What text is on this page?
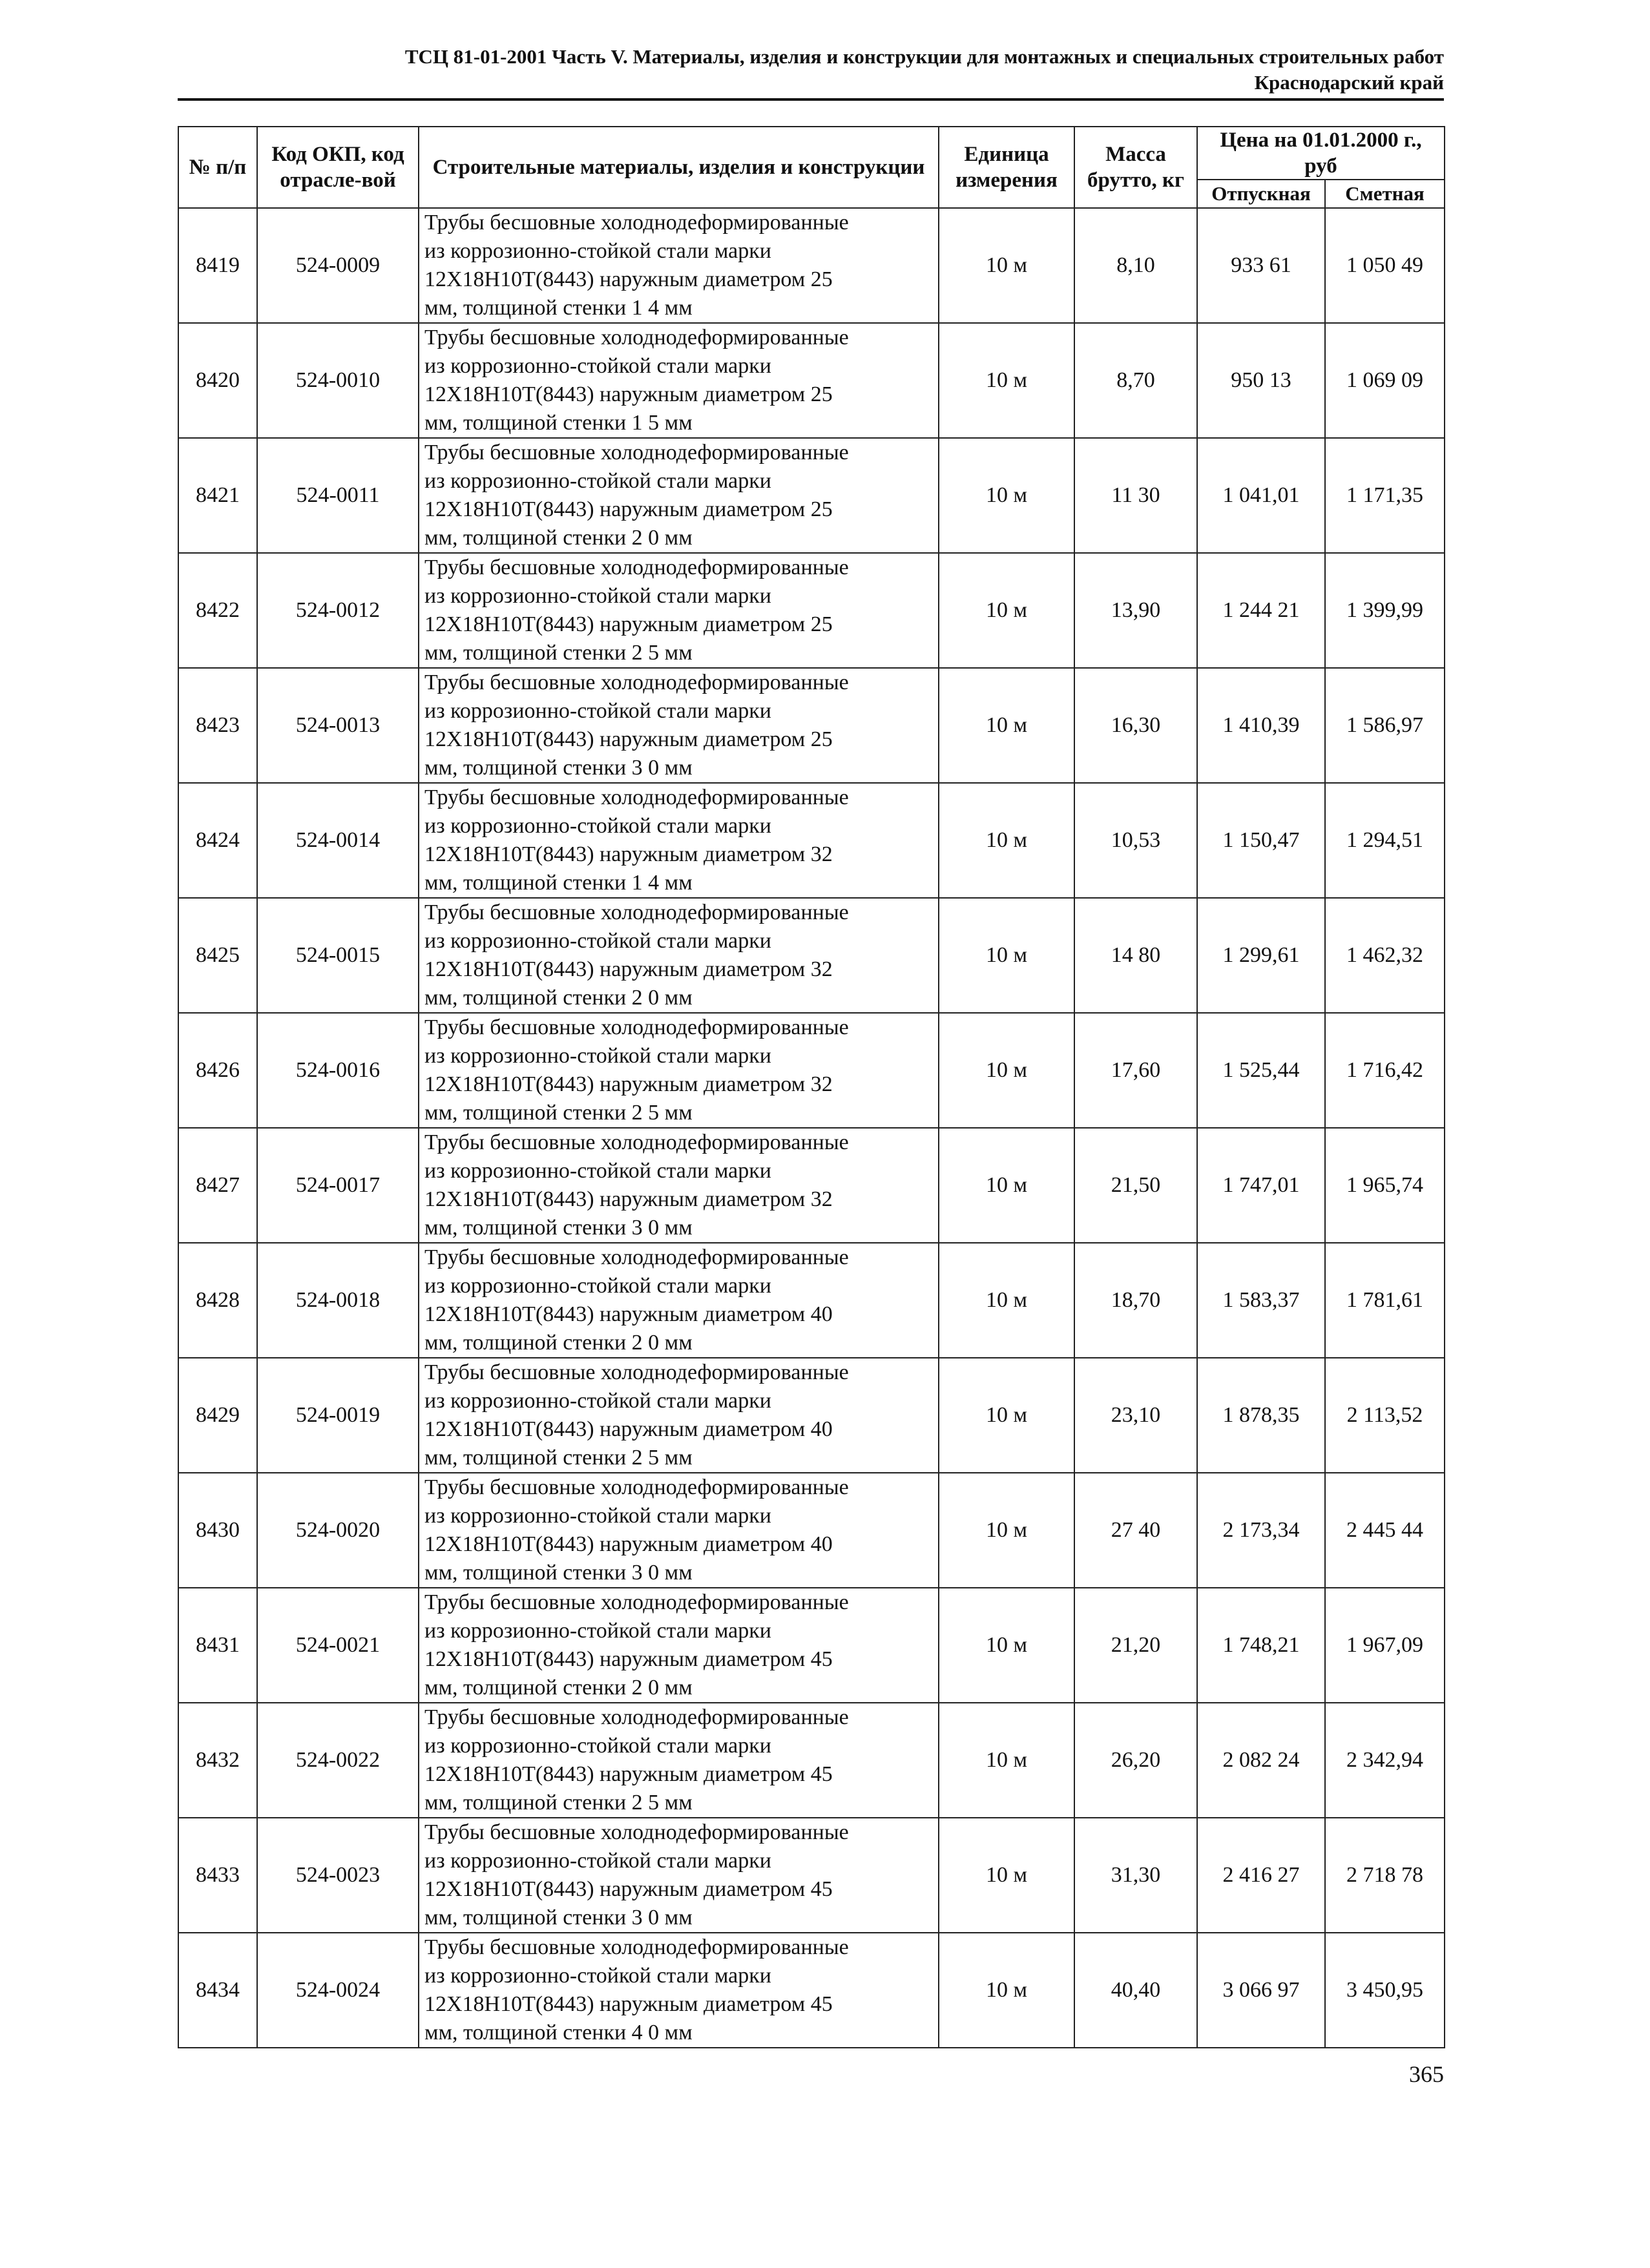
ТСЦ 81-01-2001 Часть V. Материалы, изделия и конструкции для монтажных и специальных строительных работ
Краснодарский край
№ п/п	Код ОКП, код отрасле-вой	Строительные материалы, изделия и конструкции	Единица измерения	Масса брутто, кг	Цена на 01.01.2000 г., руб	
					Отпускная	Сметная
8419	524-0009	Трубы бесшовные холоднодеформированные
из коррозионно-стойкой стали марки
12Х18Н10Т(8443) наружным диаметром 25
мм, толщиной стенки 1 4 мм	10 м	8,10	933 61	1 050 49
8420	524-0010	Трубы бесшовные холоднодеформированные
из коррозионно-стойкой стали марки
12Х18Н10Т(8443) наружным диаметром 25
мм, толщиной стенки 1 5 мм	10 м	8,70	950 13	1 069 09
8421	524-0011	Трубы бесшовные холоднодеформированные
из коррозионно-стойкой стали марки
12Х18Н10Т(8443) наружным диаметром 25
мм, толщиной стенки 2 0 мм	10 м	11 30	1 041,01	1 171,35
8422	524-0012	Трубы бесшовные холоднодеформированные
из коррозионно-стойкой стали марки
12Х18Н10Т(8443) наружным диаметром 25
мм, толщиной стенки 2 5 мм	10 м	13,90	1 244 21	1 399,99
8423	524-0013	Трубы бесшовные холоднодеформированные
из коррозионно-стойкой стали марки
12Х18Н10Т(8443) наружным диаметром 25
мм, толщиной стенки 3 0 мм	10 м	16,30	1 410,39	1 586,97
8424	524-0014	Трубы бесшовные холоднодеформированные
из коррозионно-стойкой стали марки
12Х18Н10Т(8443) наружным диаметром 32
мм, толщиной стенки 1 4 мм	10 м	10,53	1 150,47	1 294,51
8425	524-0015	Трубы бесшовные холоднодеформированные
из коррозионно-стойкой стали марки
12Х18Н10Т(8443) наружным диаметром 32
мм, толщиной стенки 2 0 мм	10 м	14 80	1 299,61	1 462,32
8426	524-0016	Трубы бесшовные холоднодеформированные
из коррозионно-стойкой стали марки
12Х18Н10Т(8443) наружным диаметром 32
мм, толщиной стенки 2 5 мм	10 м	17,60	1 525,44	1 716,42
8427	524-0017	Трубы бесшовные холоднодеформированные
из коррозионно-стойкой стали марки
12Х18Н10Т(8443) наружным диаметром 32
мм, толщиной стенки 3 0 мм	10 м	21,50	1 747,01	1 965,74
8428	524-0018	Трубы бесшовные холоднодеформированные
из коррозионно-стойкой стали марки
12Х18Н10Т(8443) наружным диаметром 40
мм, толщиной стенки 2 0 мм	10 м	18,70	1 583,37	1 781,61
8429	524-0019	Трубы бесшовные холоднодеформированные
из коррозионно-стойкой стали марки
12Х18Н10Т(8443) наружным диаметром 40
мм, толщиной стенки 2 5 мм	10 м	23,10	1 878,35	2 113,52
8430	524-0020	Трубы бесшовные холоднодеформированные
из коррозионно-стойкой стали марки
12Х18Н10Т(8443) наружным диаметром 40
мм, толщиной стенки 3 0 мм	10 м	27 40	2 173,34	2 445 44
8431	524-0021	Трубы бесшовные холоднодеформированные
из коррозионно-стойкой стали марки
12Х18Н10Т(8443) наружным диаметром 45
мм, толщиной стенки 2 0 мм	10 м	21,20	1 748,21	1 967,09
8432	524-0022	Трубы бесшовные холоднодеформированные
из коррозионно-стойкой стали марки
12Х18Н10Т(8443) наружным диаметром 45
мм, толщиной стенки 2 5 мм	10 м	26,20	2 082 24	2 342,94
8433	524-0023	Трубы бесшовные холоднодеформированные
из коррозионно-стойкой стали марки
12Х18Н10Т(8443) наружным диаметром 45
мм, толщиной стенки 3 0 мм	10 м	31,30	2 416 27	2 718 78
8434	524-0024	Трубы бесшовные холоднодеформированные
из коррозионно-стойкой стали марки
12Х18Н10Т(8443) наружным диаметром 45
мм, толщиной стенки 4 0 мм	10 м	40,40	3 066 97	3 450,95
365
